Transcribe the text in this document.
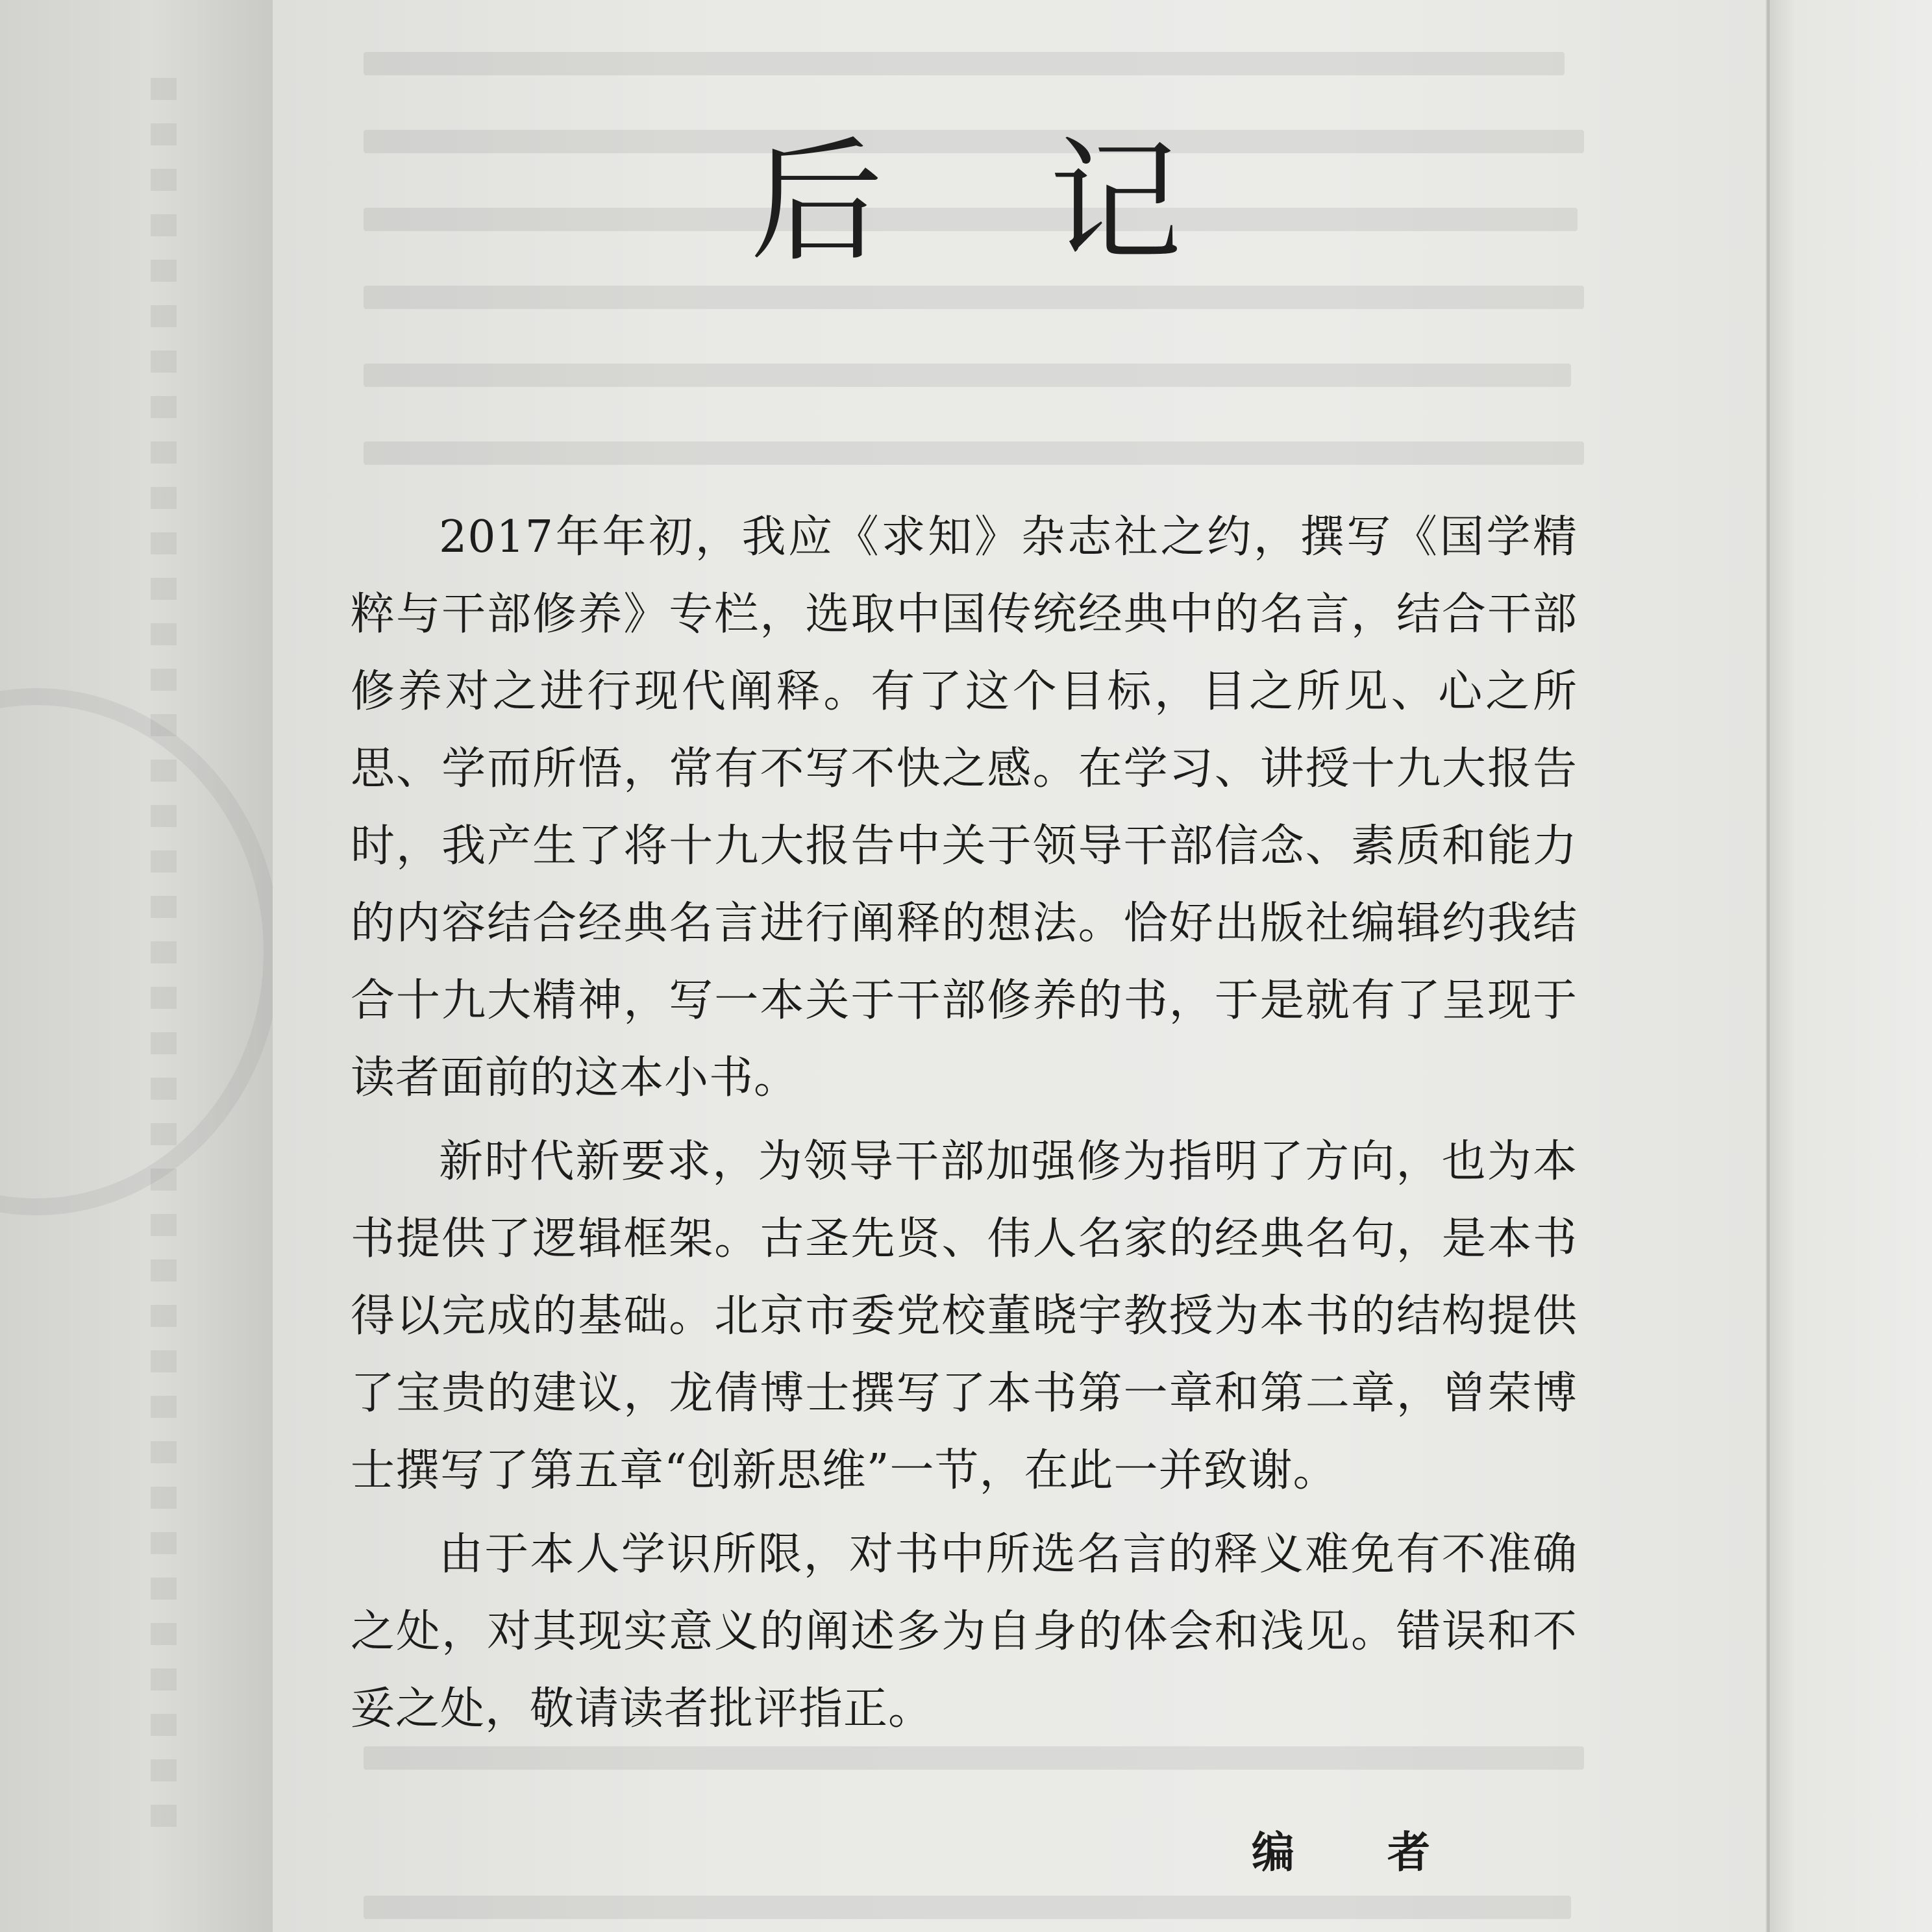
后 记

2017年年初，我应《求知》杂志社之约，撰写《国学精粹与干部修养》专栏，选取中国传统经典中的名言，结合干部修养对之进行现代阐释。有了这个目标，目之所见、心之所思、学而所悟，常有不写不快之感。在学习、讲授十九大报告时，我产生了将十九大报告中关于领导干部信念、素质和能力的内容结合经典名言进行阐释的想法。恰好出版社编辑约我结合十九大精神，写一本关于干部修养的书，于是就有了呈现于读者面前的这本小书。

新时代新要求，为领导干部加强修为指明了方向，也为本书提供了逻辑框架。古圣先贤、伟人名家的经典名句，是本书得以完成的基础。北京市委党校董晓宇教授为本书的结构提供了宝贵的建议，龙倩博士撰写了本书第一章和第二章，曾荣博士撰写了第五章“创新思维”一节，在此一并致谢。

由于本人学识所限，对书中所选名言的释义难免有不准确之处，对其现实意义的阐述多为自身的体会和浅见。错误和不妥之处，敬请读者批评指正。

编 者
